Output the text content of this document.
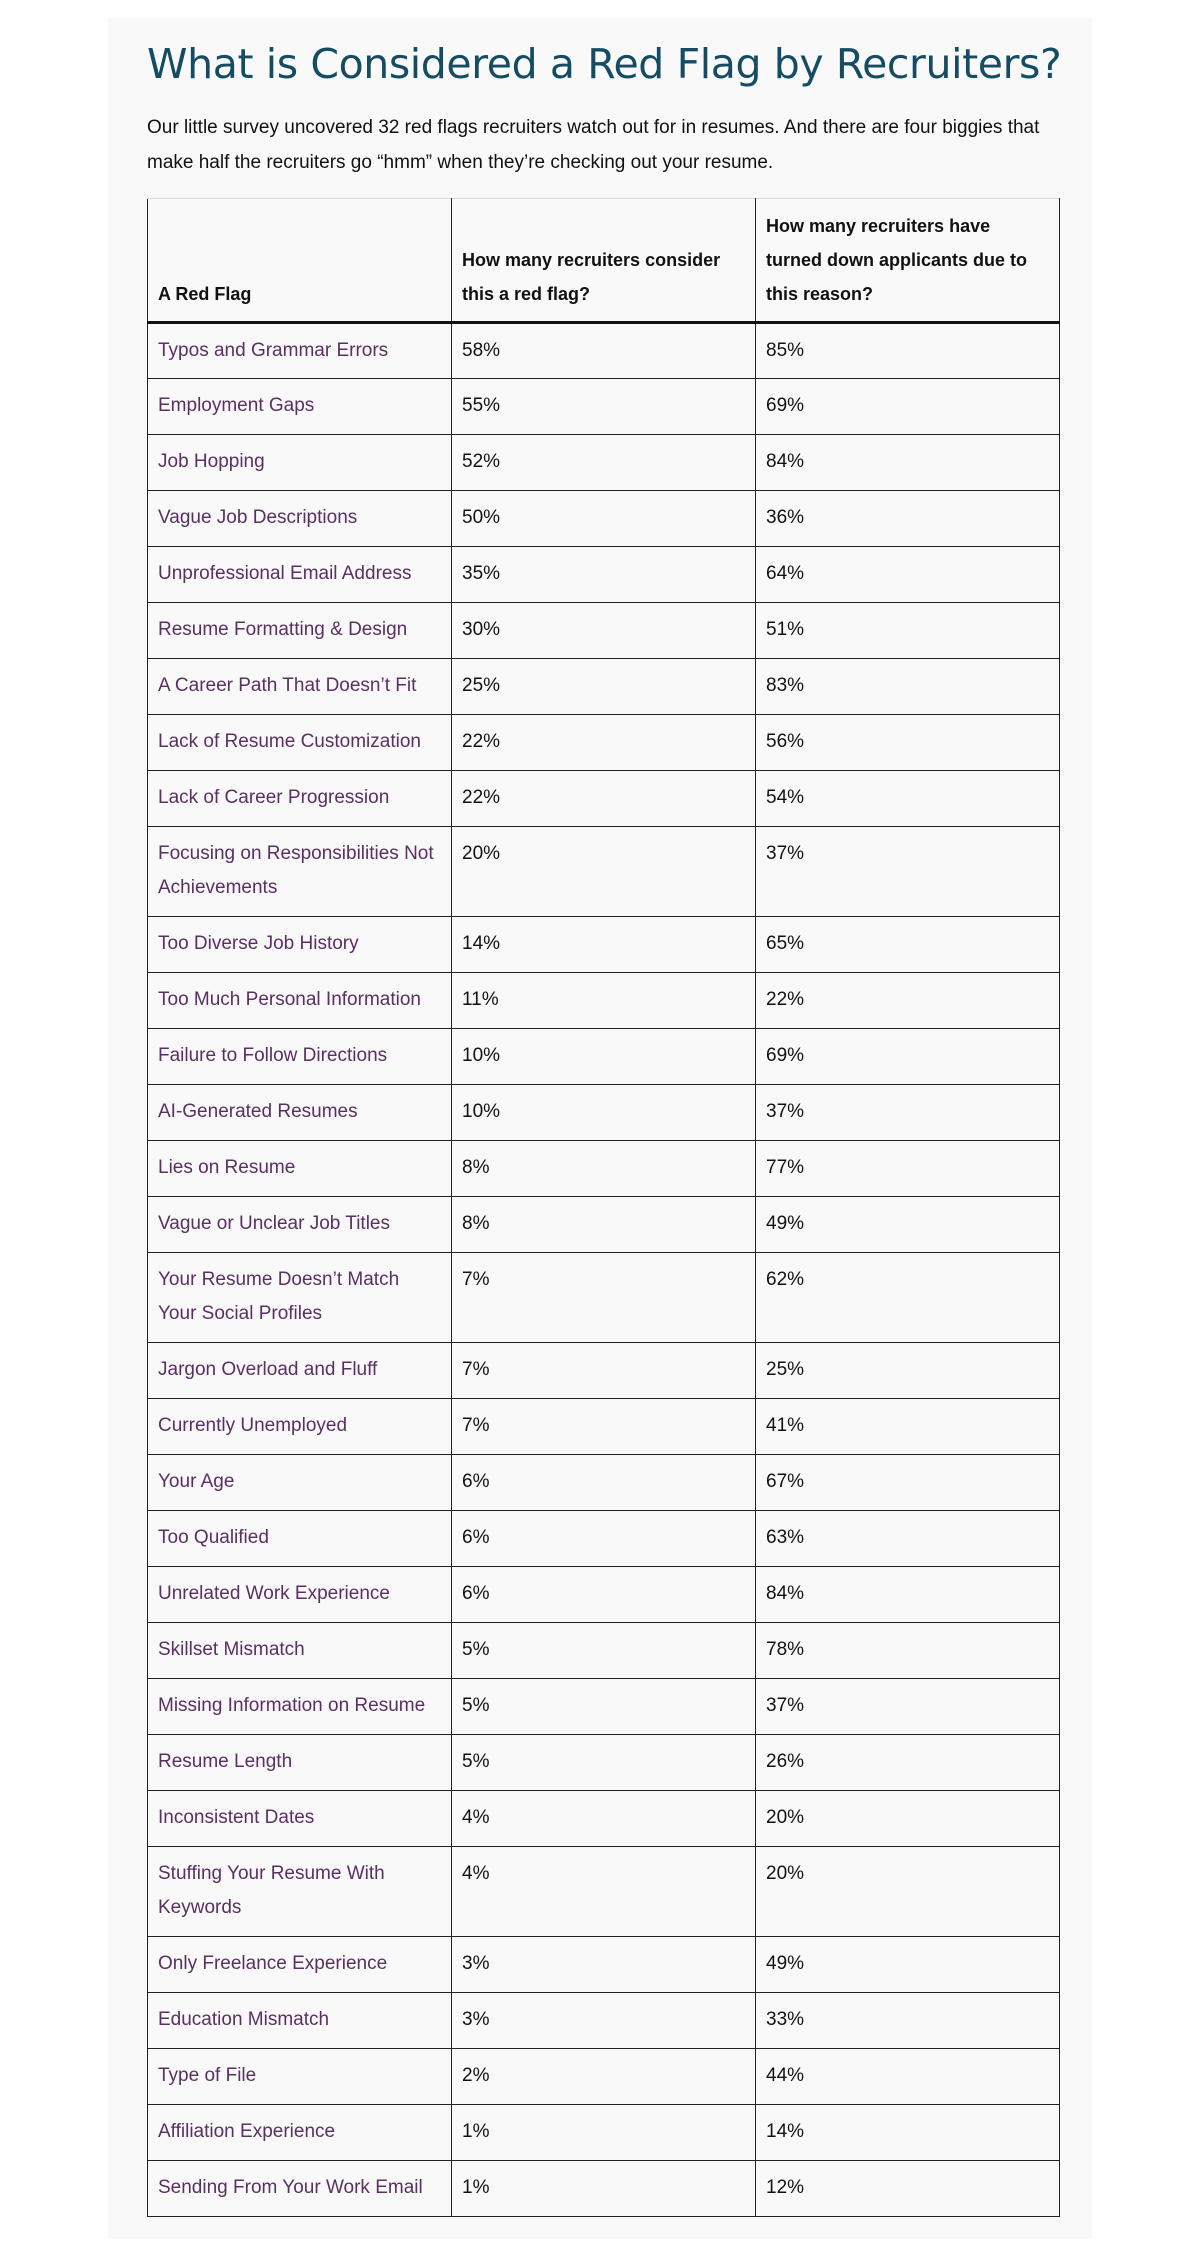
What is Considered a Red Flag by Recruiters?

Our little survey uncovered 32 red flags recruiters watch out for in resumes. And there are four biggies that make half the recruiters go “hmm” when they’re checking out your resume.

A Red Flag	How many recruiters consider this a red flag?	How many recruiters have turned down applicants due to this reason?
Typos and Grammar Errors	58%	85%
Employment Gaps	55%	69%
Job Hopping	52%	84%
Vague Job Descriptions	50%	36%
Unprofessional Email Address	35%	64%
Resume Formatting & Design	30%	51%
A Career Path That Doesn’t Fit	25%	83%
Lack of Resume Customization	22%	56%
Lack of Career Progression	22%	54%
Focusing on Responsibilities Not Achievements	20%	37%
Too Diverse Job History	14%	65%
Too Much Personal Information	11%	22%
Failure to Follow Directions	10%	69%
AI-Generated Resumes	10%	37%
Lies on Resume	8%	77%
Vague or Unclear Job Titles	8%	49%
Your Resume Doesn’t Match Your Social Profiles	7%	62%
Jargon Overload and Fluff	7%	25%
Currently Unemployed	7%	41%
Your Age	6%	67%
Too Qualified	6%	63%
Unrelated Work Experience	6%	84%
Skillset Mismatch	5%	78%
Missing Information on Resume	5%	37%
Resume Length	5%	26%
Inconsistent Dates	4%	20%
Stuffing Your Resume With Keywords	4%	20%
Only Freelance Experience	3%	49%
Education Mismatch	3%	33%
Type of File	2%	44%
Affiliation Experience	1%	14%
Sending From Your Work Email	1%	12%
